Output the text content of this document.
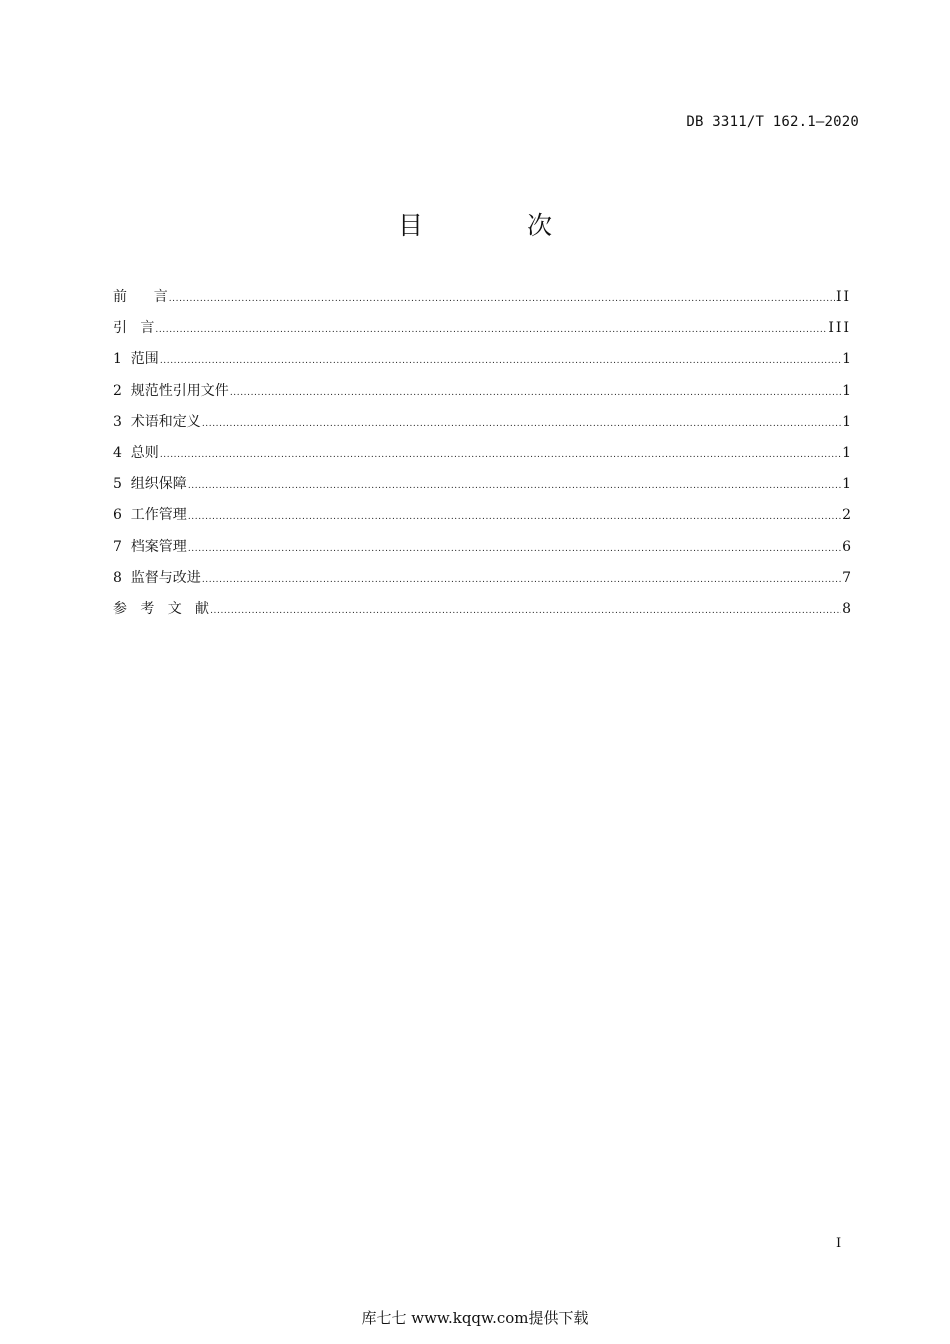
DB 3311/T 162.1—2020
目 次
前      言 .....	II
引   言 .....	III
1  范围 .....	1
2  规范性引用文件 .....	1
3  术语和定义 .....	1
4  总则 .....	1
5  组织保障 .....	1
6  工作管理 .....	2
7  档案管理 .....	6
8  监督与改进 .....	7
参   考   文   献 .....	8
I
库七七 www.kqqw.com提供下载
